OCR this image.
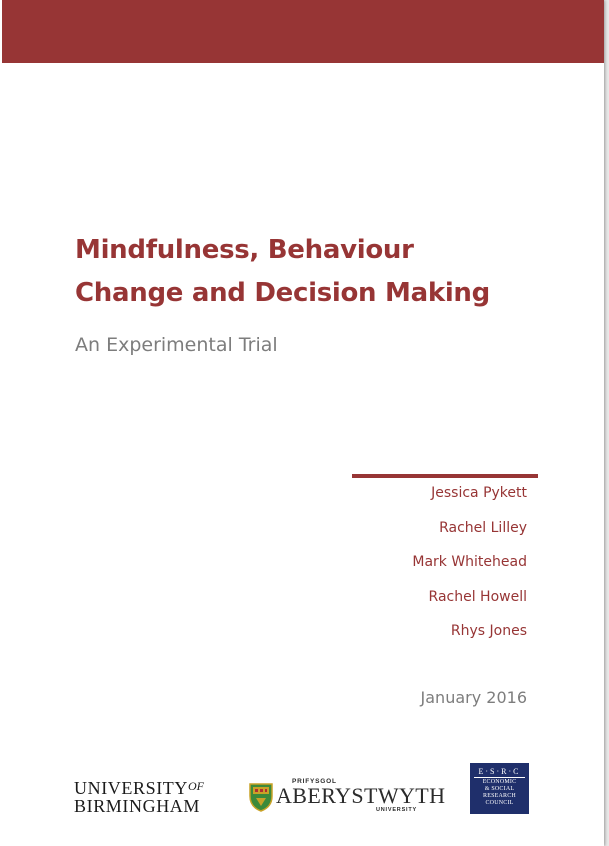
Mindfulness, Behaviour
Change and Decision Making
An Experimental Trial
Jessica Pykett
Rachel Lilley
Mark Whitehead
Rachel Howell
Rhys Jones
January 2016
$UNIVERSITY^{OF}$
BIRMINGHAM
PRIFYSGOL
ABERYSTWYTH
UNIVERSITY
E·S·R·C
ECONOMIC
& SOCIAL
RESEARCH
COUNCIL
